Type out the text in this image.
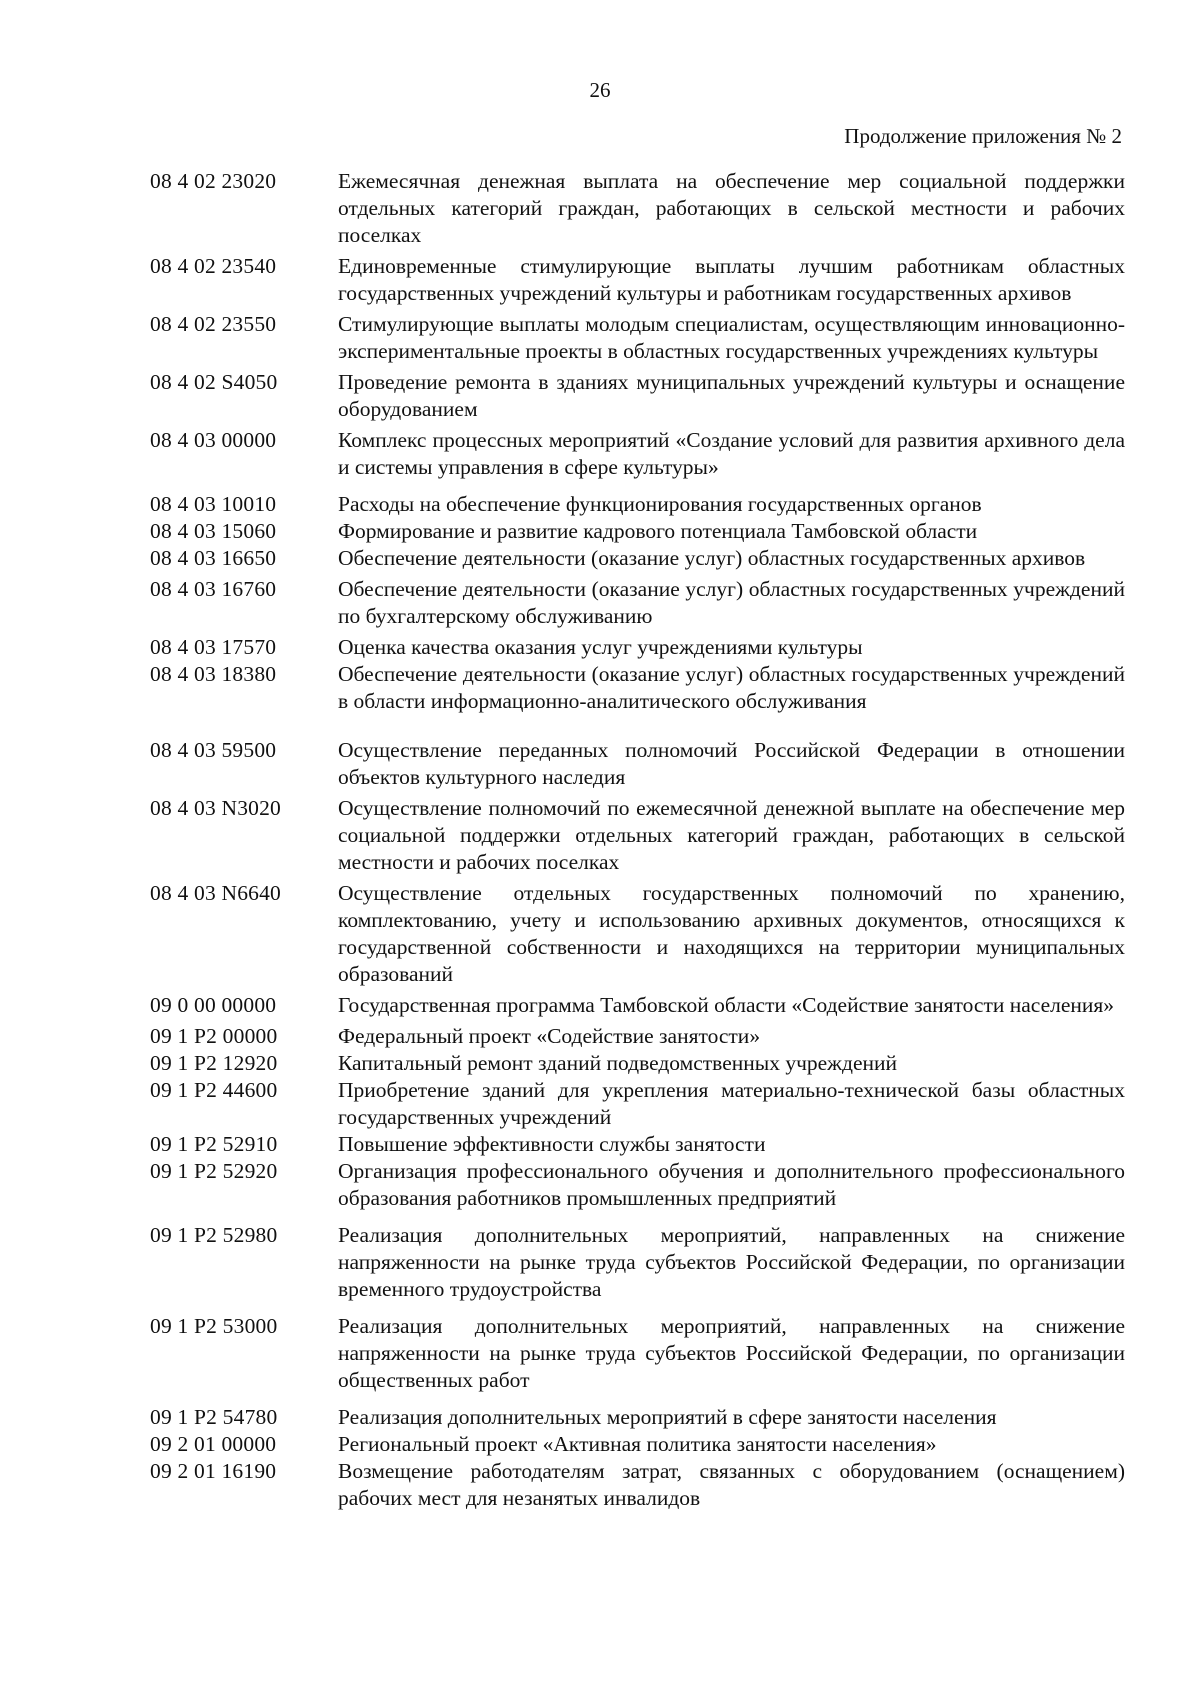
26
Продолжение приложения № 2
08 4 02 23020	Ежемесячная денежная выплата на обеспечение мер социальной поддержки отдельных категорий граждан, работающих в сельской местности и рабочих поселках
08 4 02 23540	Единовременные стимулирующие выплаты лучшим работникам областных государственных учреждений культуры и работникам государственных архивов
08 4 02 23550	Стимулирующие выплаты молодым специалистам, осуществляющим инновационно-экспериментальные проекты в областных государственных учреждениях культуры
08 4 02 S4050	Проведение ремонта в зданиях муниципальных учреждений культуры и оснащение оборудованием
08 4 03 00000	Комплекс процессных мероприятий «Создание условий для развития архивного дела и системы управления в сфере культуры»
08 4 03 10010	Расходы на обеспечение функционирования государственных органов
08 4 03 15060	Формирование и развитие кадрового потенциала Тамбовской области
08 4 03 16650	Обеспечение деятельности (оказание услуг) областных государственных архивов
08 4 03 16760	Обеспечение деятельности (оказание услуг) областных государственных учреждений по бухгалтерскому обслуживанию
08 4 03 17570	Оценка качества оказания услуг учреждениями культуры
08 4 03 18380	Обеспечение деятельности (оказание услуг) областных государственных учреждений в области информационно-аналитического обслуживания
08 4 03 59500	Осуществление переданных полномочий Российской Федерации в отношении объектов культурного наследия
08 4 03 N3020	Осуществление полномочий по ежемесячной денежной выплате на обеспечение мер социальной поддержки отдельных категорий граждан, работающих в сельской местности и рабочих поселках
08 4 03 N6640	Осуществление отдельных государственных полномочий по хранению, комплектованию, учету и использованию архивных документов, относящихся к государственной собственности и находящихся на территории муниципальных образований
09 0 00 00000	Государственная программа Тамбовской области «Содействие занятости населения»
09 1 P2 00000	Федеральный проект «Содействие занятости»
09 1 P2 12920	Капитальный ремонт зданий подведомственных учреждений
09 1 P2 44600	Приобретение зданий для укрепления материально-технической базы областных государственных учреждений
09 1 P2 52910	Повышение эффективности службы занятости
09 1 P2 52920	Организация профессионального обучения и дополнительного профессионального образования работников промышленных предприятий
09 1 P2 52980	Реализация дополнительных мероприятий, направленных на снижение напряженности на рынке труда субъектов Российской Федерации, по организации временного трудоустройства
09 1 P2 53000	Реализация дополнительных мероприятий, направленных на снижение напряженности на рынке труда субъектов Российской Федерации, по организации общественных работ
09 1 P2 54780	Реализация дополнительных мероприятий в сфере занятости населения
09 2 01 00000	Региональный проект «Активная политика занятости населения»
09 2 01 16190	Возмещение работодателям затрат, связанных с оборудованием (оснащением) рабочих мест для незанятых инвалидов
